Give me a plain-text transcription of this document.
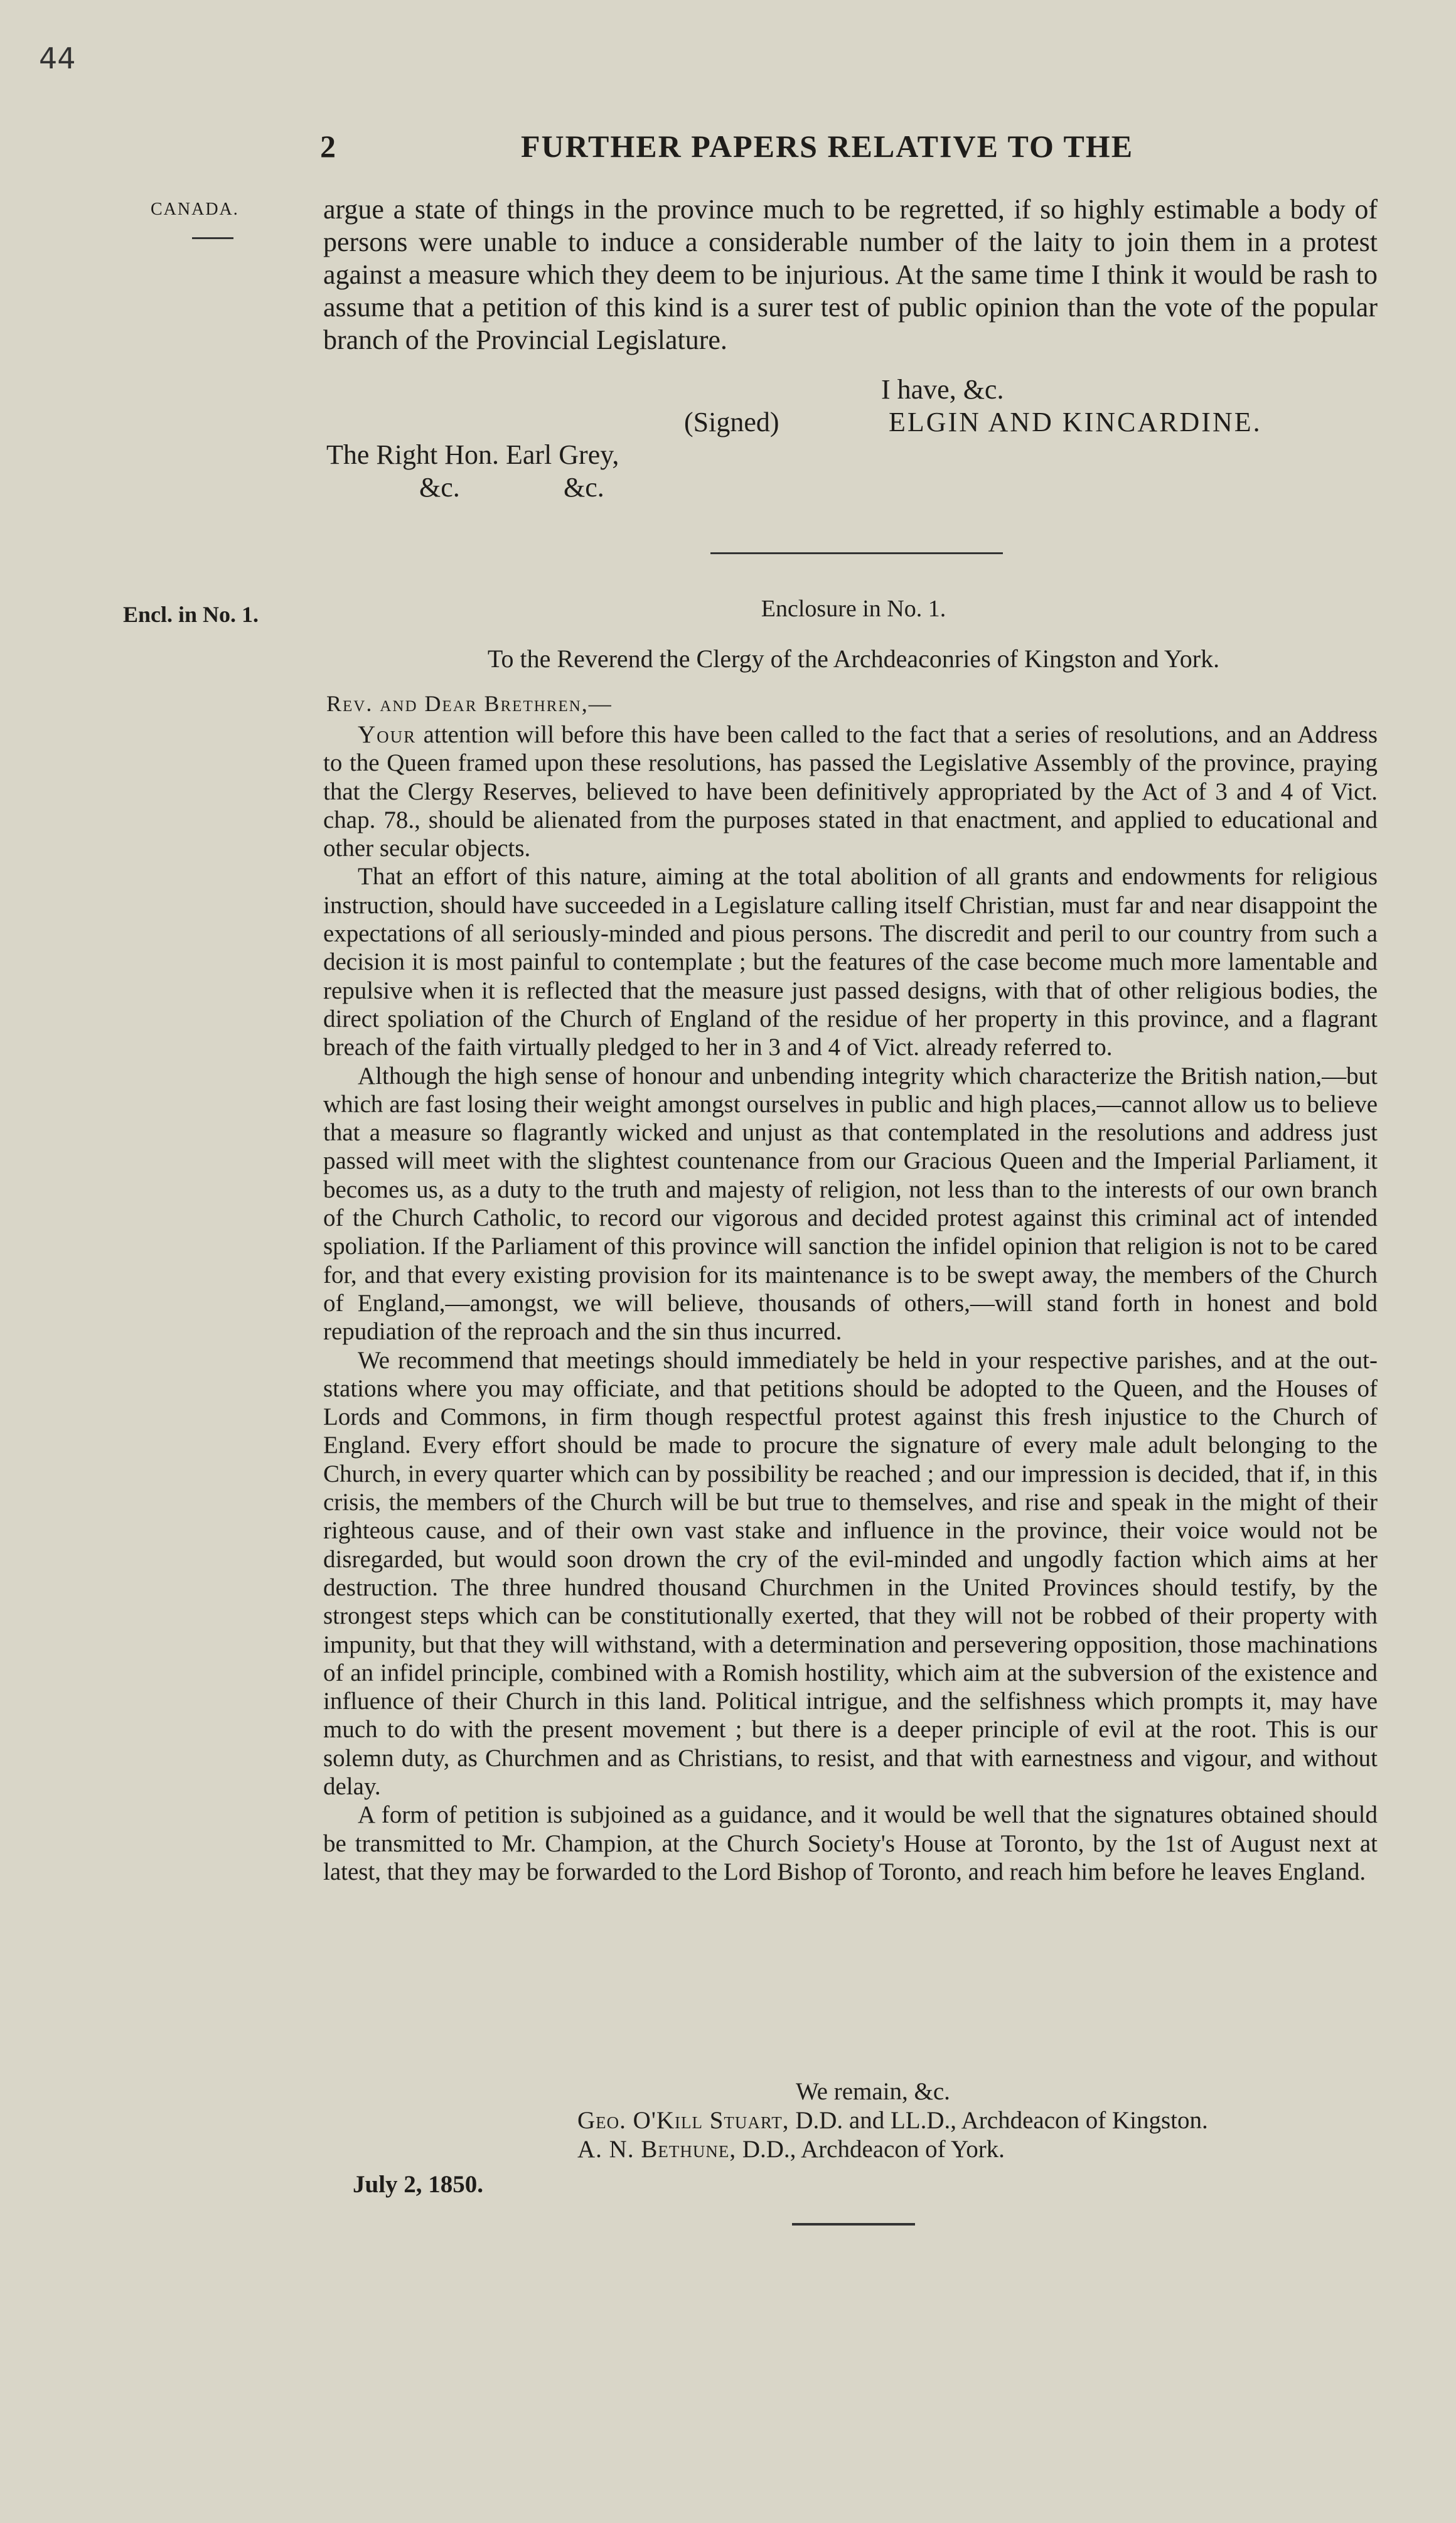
44
2	FURTHER PAPERS RELATIVE TO THE
CANADA.	argue a state of things in the province much to be regretted, if so highly estimable a body of persons were unable to induce a considerable number of the laity to join them in a protest against a measure which they deem to be injurious. At the same time I think it would be rash to assume that a petition of this kind is a surer test of public opinion than the vote of the popular branch of the Provincial Legislature.
I have, &c.
(Signed)	ELGIN AND KINCARDINE.
The Right Hon. Earl Grey,
&c.	&c.
Encl. in No. 1.	Enclosure in No. 1.
To the Reverend the Clergy of the Archdeaconries of Kingston and York.
Rev. and Dear Brethren,—

Your attention will before this have been called to the fact that a series of resolutions, and an Address to the Queen framed upon these resolutions, has passed the Legislative Assembly of the province, praying that the Clergy Reserves, believed to have been definitively appropriated by the Act of 3 and 4 of Vict. chap. 78., should be alienated from the purposes stated in that enactment, and applied to educational and other secular objects.

That an effort of this nature, aiming at the total abolition of all grants and endowments for religious instruction, should have succeeded in a Legislature calling itself Christian, must far and near disappoint the expectations of all seriously-minded and pious persons. The discredit and peril to our country from such a decision it is most painful to contemplate ; but the features of the case become much more lamentable and repulsive when it is reflected that the measure just passed designs, with that of other religious bodies, the direct spoliation of the Church of England of the residue of her property in this province, and a flagrant breach of the faith virtually pledged to her in 3 and 4 of Vict. already referred to.

Although the high sense of honour and unbending integrity which characterize the British nation,—but which are fast losing their weight amongst ourselves in public and high places,—cannot allow us to believe that a measure so flagrantly wicked and unjust as that contemplated in the resolutions and address just passed will meet with the slightest countenance from our Gracious Queen and the Imperial Parliament, it becomes us, as a duty to the truth and majesty of religion, not less than to the interests of our own branch of the Church Catholic, to record our vigorous and decided protest against this criminal act of intended spoliation. If the Parliament of this province will sanction the infidel opinion that religion is not to be cared for, and that every existing provision for its maintenance is to be swept away, the members of the Church of England,—amongst, we will believe, thousands of others,—will stand forth in honest and bold repudiation of the reproach and the sin thus incurred.

We recommend that meetings should immediately be held in your respective parishes, and at the out-stations where you may officiate, and that petitions should be adopted to the Queen, and the Houses of Lords and Commons, in firm though respectful protest against this fresh injustice to the Church of England. Every effort should be made to procure the signature of every male adult belonging to the Church, in every quarter which can by possibility be reached ; and our impression is decided, that if, in this crisis, the members of the Church will be but true to themselves, and rise and speak in the might of their righteous cause, and of their own vast stake and influence in the province, their voice would not be disregarded, but would soon drown the cry of the evil-minded and ungodly faction which aims at her destruction. The three hundred thousand Churchmen in the United Provinces should testify, by the strongest steps which can be constitutionally exerted, that they will not be robbed of their property with impunity, but that they will withstand, with a determination and persevering opposition, those machinations of an infidel principle, combined with a Romish hostility, which aim at the subversion of the existence and influence of their Church in this land. Political intrigue, and the selfishness which prompts it, may have much to do with the present movement ; but there is a deeper principle of evil at the root. This is our solemn duty, as Churchmen and as Christians, to resist, and that with earnestness and vigour, and without delay.

A form of petition is subjoined as a guidance, and it would be well that the signatures obtained should be transmitted to Mr. Champion, at the Church Society's House at Toronto, by the 1st of August next at latest, that they may be forwarded to the Lord Bishop of Toronto, and reach him before he leaves England.

We remain, &c.
Geo. O'Kill Stuart, D.D. and LL.D., Archdeacon of Kingston.
A. N. Bethune, D.D., Archdeacon of York.
July 2, 1850.
